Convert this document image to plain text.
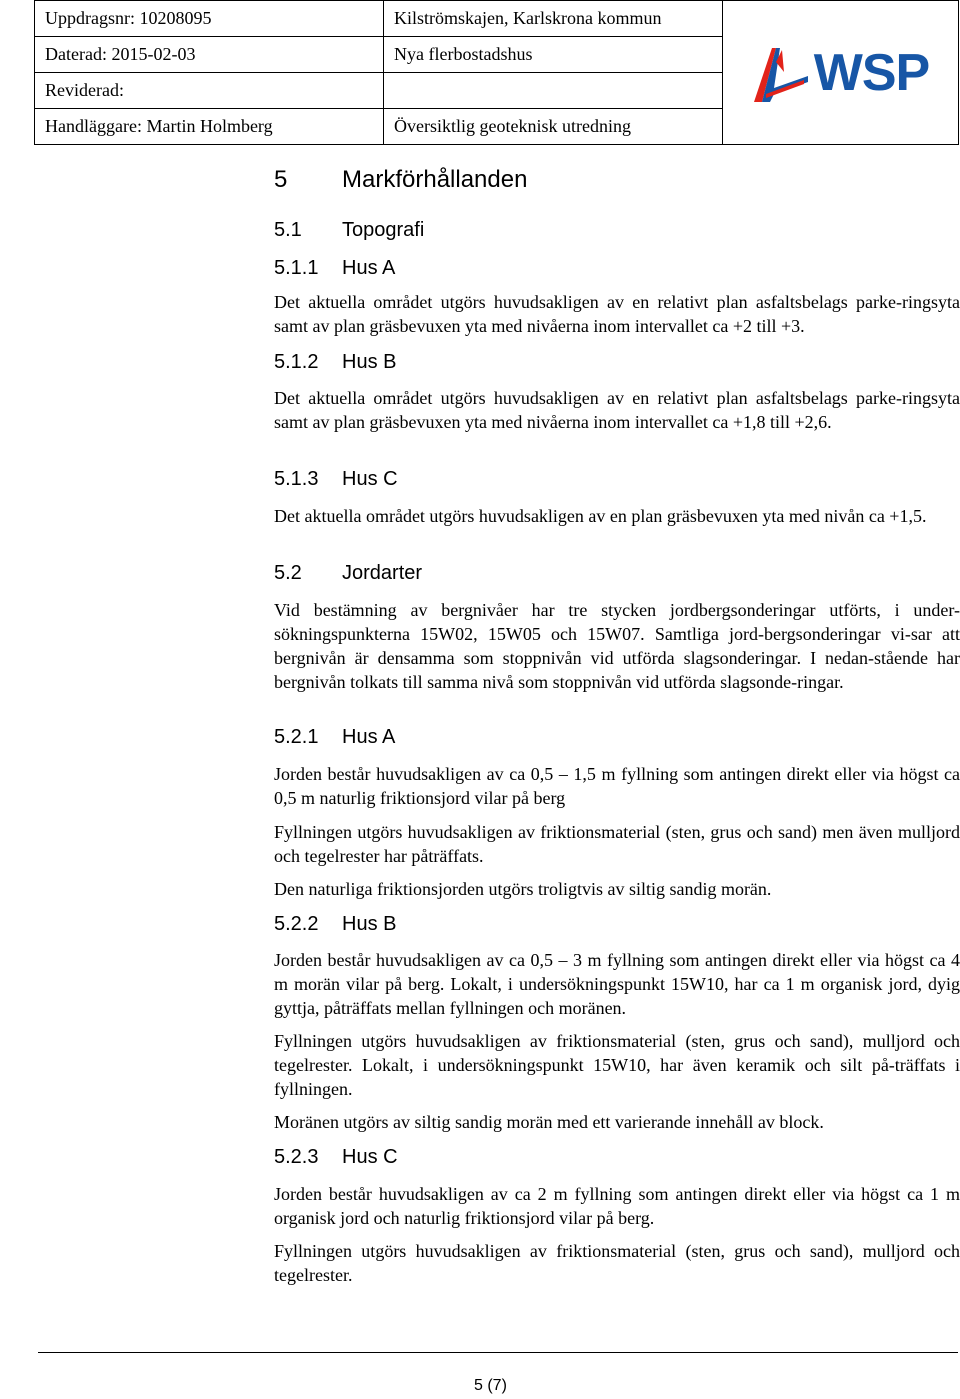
Uppdragsnr: 10208095	Kilströmskajen, Karlskrona kommun	WSP

Daterad: 2015-02-03	Nya flerbostadshus	
Reviderad:		
Handläggare: Martin Holmberg	Översiktlig geoteknisk utredning	
5 Markförhållanden
5.1 Topografi
5.1.1 Hus A
Det aktuella området utgörs huvudsakligen av en relativt plan asfaltsbelags parke-ringsyta samt av plan gräsbevuxen yta med nivåerna inom intervallet ca +2 till +3.
5.1.2 Hus B
Det aktuella området utgörs huvudsakligen av en relativt plan asfaltsbelags parke-ringsyta samt av plan gräsbevuxen yta med nivåerna inom intervallet ca +1,8 till +2,6.
5.1.3 Hus C
Det aktuella området utgörs huvudsakligen av en plan gräsbevuxen yta med nivån ca +1,5.
5.2 Jordarter
Vid bestämning av bergnivåer har tre stycken jordbergsonderingar utförts, i under-sökningspunkterna 15W02, 15W05 och 15W07. Samtliga jord-bergsonderingar vi-sar att bergnivån är densamma som stoppnivån vid utförda slagsonderingar. I nedan-stående har bergnivån tolkats till samma nivå som stoppnivån vid utförda slagsonde-ringar.
5.2.1 Hus A
Jorden består huvudsakligen av ca 0,5 – 1,5 m fyllning som antingen direkt eller via högst ca 0,5 m naturlig friktionsjord vilar på berg
Fyllningen utgörs huvudsakligen av friktionsmaterial (sten, grus och sand) men även mulljord och tegelrester har påträffats.
Den naturliga friktionsjorden utgörs troligtvis av siltig sandig morän.
5.2.2 Hus B
Jorden består huvudsakligen av ca 0,5 – 3 m fyllning som antingen direkt eller via högst ca 4 m morän vilar på berg. Lokalt, i undersökningspunkt 15W10, har ca 1 m organisk jord, dyig gyttja, påträffats mellan fyllningen och moränen.
Fyllningen utgörs huvudsakligen av friktionsmaterial (sten, grus och sand), mulljord och tegelrester. Lokalt, i undersökningspunkt 15W10, har även keramik och silt på-träffats i fyllningen.
Moränen utgörs av siltig sandig morän med ett varierande innehåll av block.
5.2.3 Hus C
Jorden består huvudsakligen av ca 2 m fyllning som antingen direkt eller via högst ca 1 m organisk jord och naturlig friktionsjord vilar på berg.
Fyllningen utgörs huvudsakligen av friktionsmaterial (sten, grus och sand), mulljord och tegelrester.
5 (7)
